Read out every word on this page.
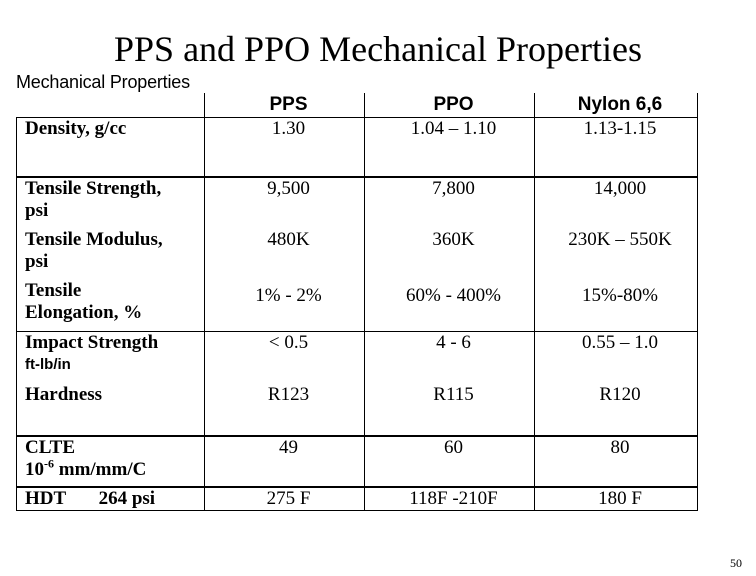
PPS and PPO Mechanical Properties
Mechanical Properties
	PPS	PPO	Nylon 6,6

Density, g/cc	1.30	1.04 – 1.10	1.13-1.15

Tensile Strength,
psi	9,500	7,800	14,000

Tensile Modulus,
psi	480K	360K	230K – 550K

Tensile
Elongation, %	1% - 2%	60% - 400%	15%-80%

Impact Strength
ft-lb/in	< 0.5	4 - 6	0.55 – 1.0

Hardness	R123	R115	R120

CLTE
$10^{-6}$ mm/mm/C	49	60	80
HDT 264 psi	275 F	118F -210F	180 F
50
